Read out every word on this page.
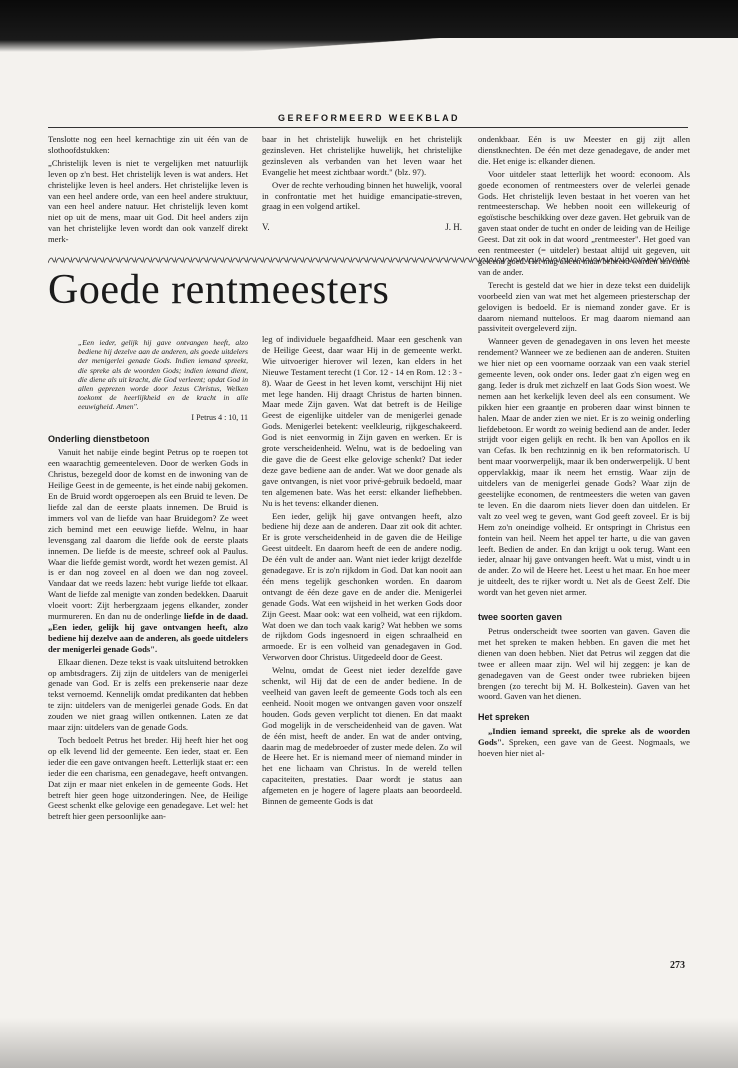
GEREFORMEERD WEEKBLAD

Tenslotte nog een heel kernachtige zin uit één van de slothoofdstukken:

„Christelijk leven is niet te vergelijken met natuurlijk leven op z'n best. Het christelijk leven is wat anders. Het christelijke leven is heel anders. Het christelijke leven is van een heel andere orde, van een heel andere struktuur, van een heel andere natuur. Het christelijk leven komt niet op uit de mens, maar uit God. Dit heel anders zijn van het christelijke leven wordt dan ook vanzelf direkt merk-

baar in het christelijk huwelijk en het christelijk gezinsleven. Het christelijke huwelijk, het christelijke gezinsleven als verbanden van het leven waar het Evangelie het meest zichtbaar wordt." (blz. 97).

Over de rechte verhouding binnen het huwelijk, vooral in confrontatie met het huidige emancipatie-streven, graag in een volgend artikel.

V.	J. H.
Goede rentmeesters
„Een ieder, gelijk hij gave ontvangen heeft, alzo bediene hij dezelve aan de anderen, als goede uitdelers der menigerlei genade Gods. Indien iemand spreekt, die spreke als de woorden Gods; indien iemand dient, die diene als uit kracht, die God verleent; opdat God in allen geprezen worde door Jezus Christus, Welken toekomt de heerlijkheid en de kracht in alle eeuwigheid. Amen".
I Petrus 4 : 10, 11
Onderling dienstbetoon

Vanuit het nabije einde begint Petrus op te roepen tot een waarachtig gemeenteleven. Door de werken Gods in Christus, bezegeld door de komst en de inwoning van de Heilige Geest in de gemeente, is het einde nabij gekomen. En de Bruid wordt opgeroepen als een Bruid te leven. De liefde zal dan de eerste plaats innemen. De Bruid is immers vol van de liefde van haar Bruidegom? Ze weet zich bemind met een eeuwige liefde. Welnu, in haar levensgang zal daarom die liefde ook de eerste plaats innemen. De liefde is de meeste, schreef ook al Paulus. Waar die liefde gemist wordt, wordt het wezen gemist. Al is er dan nog zoveel en al doen we dan nog zoveel. Vandaar dat we reeds lazen: hebt vurige liefde tot elkaar. Want de liefde zal menigte van zonden bedekken. Daaruit vloeit voort: Zijt herbergzaam jegens elkander, zonder murmureren. En dan nu de onderlinge liefde in de daad. „Een ieder, gelijk hij gave ontvangen heeft, alzo bediene hij dezelve aan de anderen, als goede uitdelers der menigerlei genade Gods".

Elkaar dienen. Deze tekst is vaak uitsluitend betrokken op ambtsdragers. Zij zijn de uitdelers van de menigerlei genade van God. Er is zelfs een prekenserie naar deze tekst vernoemd. Kennelijk omdat predikanten dat hebben te zijn: uitdelers van de menigerlei genade Gods. En dat zouden we niet graag willen ontkennen. Laten ze dat maar zijn: uitdelers van de genade Gods.

Toch bedoelt Petrus het breder. Hij heeft hier het oog op elk levend lid der gemeente. Een ieder, staat er. Een ieder die een gave ontvangen heeft. Letterlijk staat er: een ieder die een charisma, een genadegave, heeft ontvangen. Dat zijn er maar niet enkelen in de gemeente Gods. Het betreft hier geen hoge uitzonderingen. Nee, de Heilige Geest schenkt elke gelovige een genadegave. Let wel: het betreft hier geen persoonlijke aan-

leg of individuele begaafdheid. Maar een geschenk van de Heilige Geest, daar waar Hij in de gemeente werkt. Wie uitvoeriger hierover wil lezen, kan elders in het Nieuwe Testament terecht (1 Cor. 12 - 14 en Rom. 12 : 3 - 8). Waar de Geest in het leven komt, verschijnt Hij niet met lege handen. Hij draagt Christus de harten binnen. Maar mede Zijn gaven. Wat dat betreft is de Heilige Geest de eigenlijke uitdeler van de menigerlei genade Gods. Menigerlei betekent: veelkleurig, rijkgeschakeerd. God is niet eenvormig in Zijn gaven en werken. Er is grote verscheidenheid. Welnu, wat is de bedoeling van die gave die de Geest elke gelovige schenkt? Dat ieder deze gave bediene aan de ander. Wat we door genade als gave ontvangen, is niet voor privé-gebruik bedoeld, maar ten algemenen bate. Was het eerst: elkander liefhebben. Nu is het tevens: elkander dienen.

Een ieder, gelijk hij gave ontvangen heeft, alzo bediene hij deze aan de anderen. Daar zit ook dit achter. Er is grote verscheidenheid in de gaven die de Heilige Geest uitdeelt. En daarom heeft de een de andere nodig. De één vult de ander aan. Want niet ieder krijgt dezelfde genadegave. Er is zo'n rijkdom in God. Dat kan nooit aan één mens tegelijk geschonken worden. En daarom ontvangt de één deze gave en de ander die. Menigerlei genade Gods. Wat een wijsheid in het werken Gods door Zijn Geest. Maar ook: wat een volheid, wat een rijkdom. Wat doen we dan toch vaak karig? Wat hebben we soms de rijkdom Gods ingesnoerd in eigen schraalheid en armoede. Er is een volheid van genadegaven in God. Verworven door Christus. Uitgedeeld door de Geest.

Welnu, omdat de Geest niet ieder dezelfde gave schenkt, wil Hij dat de een de ander bediene. In de veelheid van gaven leeft de gemeente Gods toch als een eenheid. Nooit mogen we ontvangen gaven voor onszelf houden. Gods geven verplicht tot dienen. En dat maakt God mogelijk in de verscheidenheid van de gaven. Wat de één mist, heeft de ander. En wat de ander ontving, daarin mag de medebroeder of zuster mede delen. Zo wil de Heere het. Er is niemand meer of niemand minder in het ene lichaam van Christus. In de wereld tellen capaciteiten, prestaties. Daar wordt je status aan afgemeten en je hogere of lagere plaats aan beoordeeld. Binnen de gemeente Gods is dat

ondenkbaar. Eén is uw Meester en gij zijt allen dienstknechten. De één met deze genadegave, de ander met die. Het enige is: elkander dienen.

Voor uitdeler staat letterlijk het woord: econoom. Als goede economen of rentmeesters over de velerlei genade Gods. Het christelijk leven bestaat in het voeren van het rentmeesterschap. We hebben nooit een willekeurig of egoïstische beschikking over deze gaven. Het gebruik van de gaven staat onder de tucht en onder de leiding van de Heilige Geest. Dat zit ook in dat woord „rentmeester". Het goed van een rentmeester (= uitdeler) bestaat altijd uit gegeven, uit geleend goed. Het mag alleen maar beheerd worden ten nutte van de ander.

Terecht is gesteld dat we hier in deze tekst een duidelijk voorbeeld zien van wat met het algemeen priesterschap der gelovigen is bedoeld. Er is niemand zonder gave. Er is daarom niemand nutteloos. Er mag daarom niemand aan passiviteit overgeleverd zijn.

Wanneer geven de genadegaven in ons leven het meeste rendement? Wanneer we ze bedienen aan de anderen. Stuiten we hier niet op een voorname oorzaak van een vaak steriel gemeente leven, ook onder ons. Ieder gaat z'n eigen weg en gang. Ieder is druk met zichzelf en laat Gods Sion woest. We nemen aan het kerkelijk leven deel als een consument. We pikken hier een graantje en proberen daar winst binnen te halen. Maar de ander zien we niet. Er is zo weinig onderling liefdebetoon. Er wordt zo weinig bediend aan de ander. Ieder strijdt voor eigen gelijk en recht. Ik ben van Apollos en ik van Cefas. Ik ben rechtzinnig en ik ben reformatorisch. U bent maar voorwerpelijk, maar ik ben onderwerpelijk. U bent oppervlakkig, maar ik neem het ernstig. Waar zijn de uitdelers van de menigerlei genade Gods? Waar zijn de geestelijke economen, de rentmeesters die weten van gaven te leven. En die daarom niets liever doen dan uitdelen. Er valt zo veel weg te geven, want God geeft zoveel. Er is bij Hem zo'n oneindige volheid. Er ontspringt in Christus een fontein van heil. Neem het appel ter harte, u die van gaven leeft. Bedien de ander. En dan krijgt u ook terug. Want een ieder, alnaar hij gave ontvangen heeft. Wat u mist, vindt u in de ander. Zo wil de Heere het. Leest u het maar. En hoe meer je uitdeelt, des te rijker wordt u. Net als de Geest Zelf. Die wordt van het geven niet armer.

twee soorten gaven

Petrus onderscheidt twee soorten van gaven. Gaven die met het spreken te maken hebben. En gaven die met het dienen van doen hebben. Niet dat Petrus wil zeggen dat die twee er alleen maar zijn. Wel wil hij zeggen: je kan de genadegaven van de Geest onder twee rubrieken bijeen brengen (zo terecht bij M. H. Bolkestein). Gaven van het woord. Gaven van het dienen.

Het spreken

„Indien iemand spreekt, die spreke als de woorden Gods". Spreken, een gave van de Geest. Nogmaals, we hoeven hier niet al-

273
